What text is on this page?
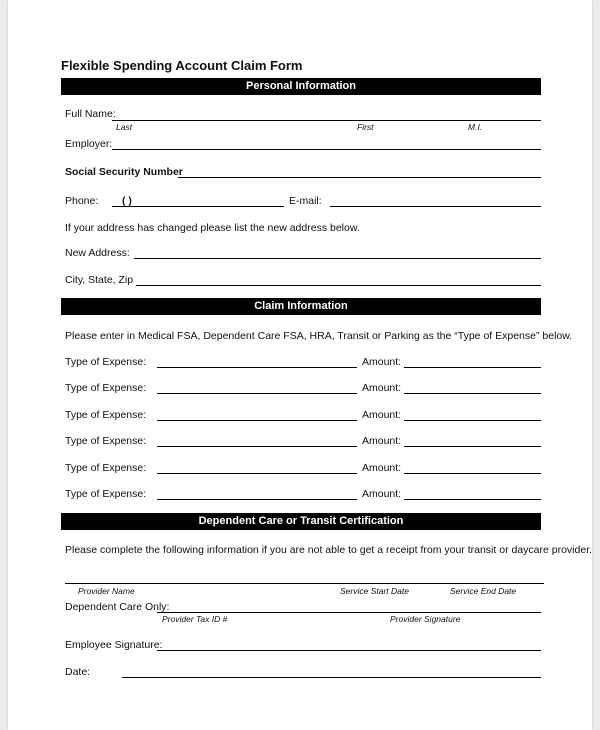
Flexible Spending Account Claim Form
Personal Information
Full Name:
Last	First	M.I.
Employer:
Social Security Number
Phone: ( )	E-mail:
If your address has changed please list the new address below.
New Address:
City, State, Zip
Claim Information
Please enter in Medical FSA, Dependent Care FSA, HRA, Transit or Parking as the “Type of Expense” below.
Type of Expense:	Amount:
Type of Expense:	Amount:
Type of Expense:	Amount:
Type of Expense:	Amount:
Type of Expense:	Amount:
Type of Expense:	Amount:
Dependent Care or Transit Certification
Please complete the following information if you are not able to get a receipt from your transit or daycare provider.
Provider Name	Service Start Date	Service End Date
Dependent Care Only:
Provider Tax ID #	Provider Signature
Employee Signature:
Date:
